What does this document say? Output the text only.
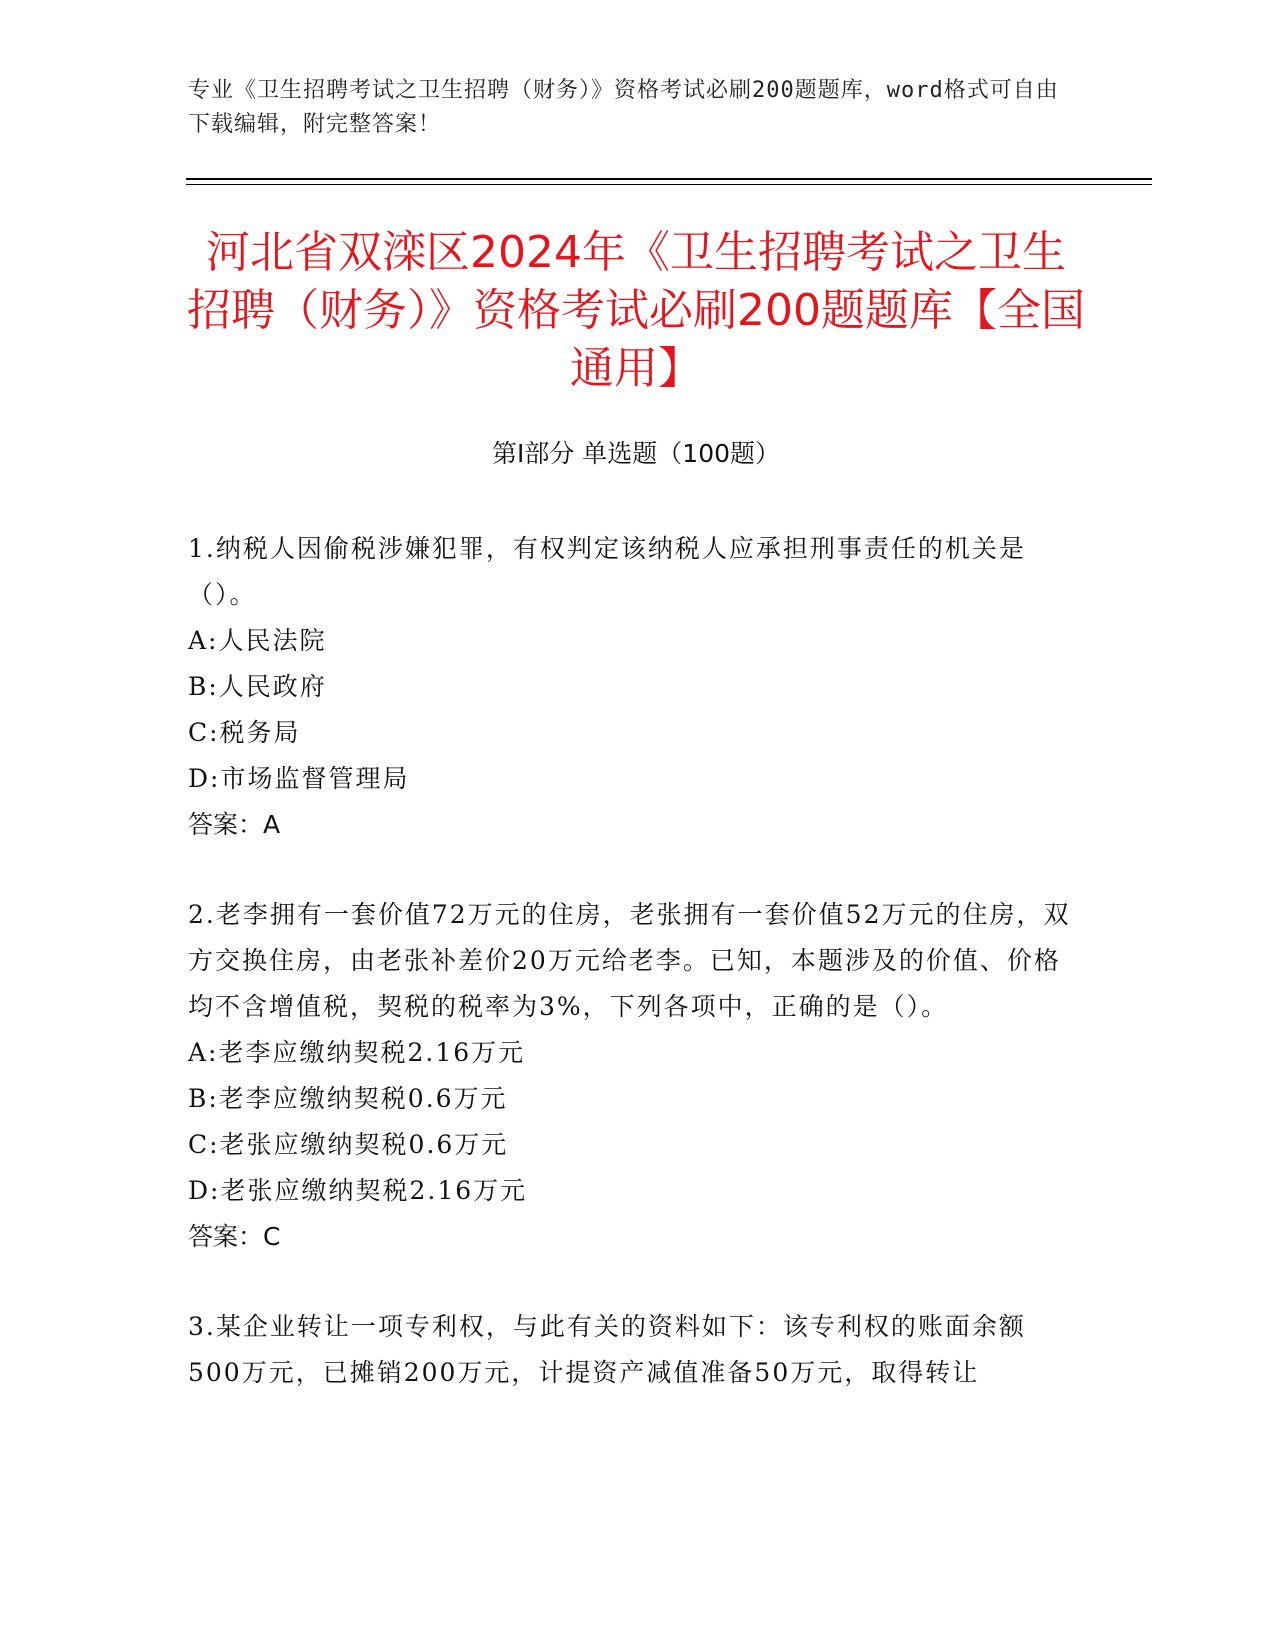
专业《卫生招聘考试之卫生招聘（财务）》资格考试必刷200题题库，word格式可自由下载编辑，附完整答案！
河北省双滦区2024年《卫生招聘考试之卫生招聘（财务）》资格考试必刷200题题库【全国通用】
第I部分 单选题（100题）

1.纳税人因偷税涉嫌犯罪，有权判定该纳税人应承担刑事责任的机关是（）。

A:人民法院

B:人民政府

C:税务局

D:市场监督管理局

答案：A

2.老李拥有一套价值72万元的住房，老张拥有一套价值52万元的住房，双方交换住房，由老张补差价20万元给老李。已知，本题涉及的价值、价格均不含增值税，契税的税率为3%，下列各项中，正确的是（）。

A:老李应缴纳契税2.16万元

B:老李应缴纳契税0.6万元

C:老张应缴纳契税0.6万元

D:老张应缴纳契税2.16万元

答案：C

3.某企业转让一项专利权，与此有关的资料如下：该专利权的账面余额500万元，已摊销200万元，计提资产减值准备50万元，取得转让
